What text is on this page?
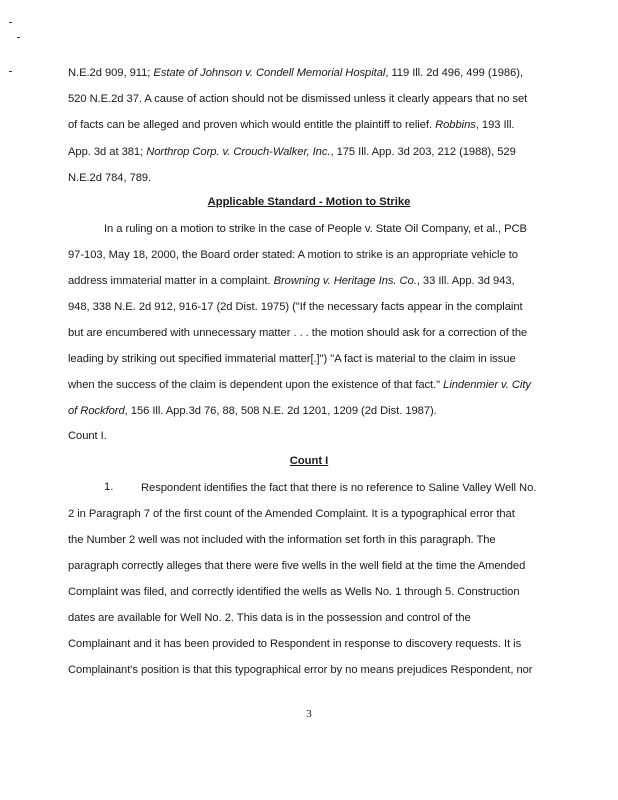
N.E.2d 909, 911; Estate of Johnson v. Condell Memorial Hospital, 119 Ill. 2d 496, 499 (1986),
520 N.E.2d 37. A cause of action should not be dismissed unless it clearly appears that no set
of facts can be alleged and proven which would entitle the plaintiff to relief. Robbins, 193 Ill.
App. 3d at 381; Northrop Corp. v. Crouch-Walker, Inc., 175 Ill. App. 3d 203, 212 (1988), 529
N.E.2d 784, 789.
Applicable Standard - Motion to Strike
In a ruling on a motion to strike in the case of People v. State Oil Company, et al., PCB
97-103, May 18, 2000, the Board order stated: A motion to strike is an appropriate vehicle to
address immaterial matter in a complaint. Browning v. Heritage Ins. Co., 33 Ill. App. 3d 943,
948, 338 N.E. 2d 912, 916-17 (2d Dist. 1975) ("If the necessary facts appear in the complaint
but are encumbered with unnecessary matter . . . the motion should ask for a correction of the
leading by striking out specified immaterial matter[.]") "A fact is material to the claim in issue
when the success of the claim is dependent upon the existence of that fact." Lindenmier v. City
of Rockford, 156 Ill. App.3d 76, 88, 508 N.E. 2d 1201, 1209 (2d Dist. 1987).
Count I.
Count I
1. Respondent identifies the fact that there is no reference to Saline Valley Well No.
2 in Paragraph 7 of the first count of the Amended Complaint. It is a typographical error that
the Number 2 well was not included with the information set forth in this paragraph. The
paragraph correctly alleges that there were five wells in the well field at the time the Amended
Complaint was filed, and correctly identified the wells as Wells No. 1 through 5. Construction
dates are available for Well No. 2. This data is in the possession and control of the
Complainant and it has been provided to Respondent in response to discovery requests. It is
Complainant's position is that this typographical error by no means prejudices Respondent, nor
3
